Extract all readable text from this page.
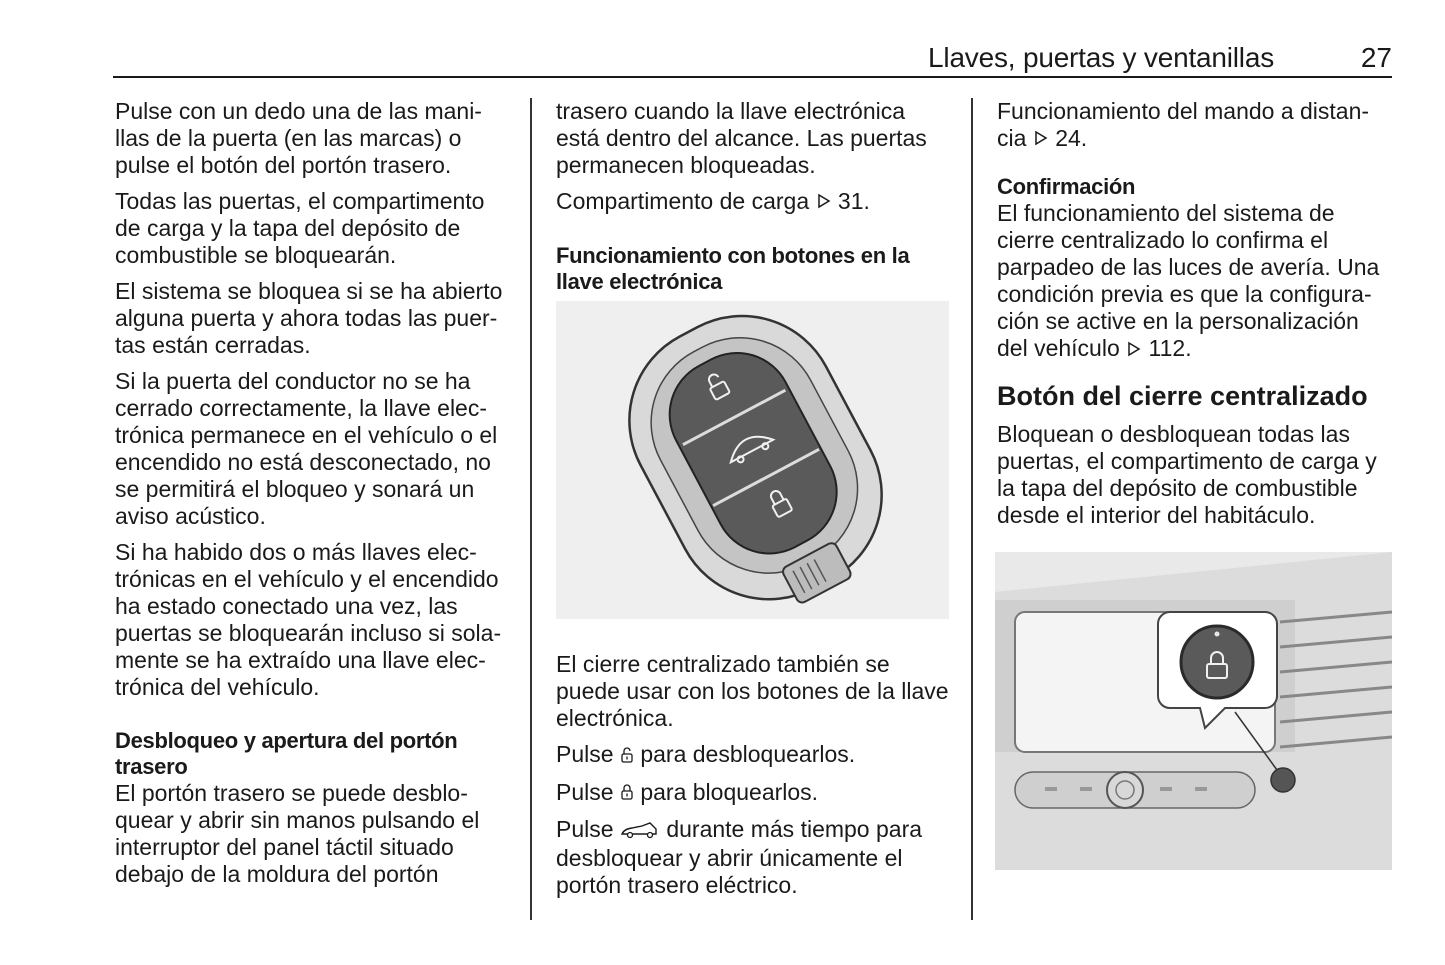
Llaves, puertas y ventanillas	27

Pulse con un dedo una de las mani- llas de la puerta (en las marcas) o pulse el botón del portón trasero.

Todas las puertas, el compartimento de carga y la tapa del depósito de combustible se bloquearán.

El sistema se bloquea si se ha abierto alguna puerta y ahora todas las puer- tas están cerradas.

Si la puerta del conductor no se ha cerrado correctamente, la llave elec- trónica permanece en el vehículo o el encendido no está desconectado, no se permitirá el bloqueo y sonará un aviso acústico.

Si ha habido dos o más llaves elec- trónicas en el vehículo y el encendido ha estado conectado una vez, las puertas se bloquearán incluso si sola- mente se ha extraído una llave elec- trónica del vehículo.

Desbloqueo y apertura del portón trasero

El portón trasero se puede desblo- quear y abrir sin manos pulsando el interruptor del panel táctil situado debajo de la moldura del portón

trasero cuando la llave electrónica está dentro del alcance. Las puertas permanecen bloqueadas.

Compartimento de carga 31.

Funcionamiento con botones en la llave electrónica

El cierre centralizado también se puede usar con los botones de la llave electrónica.

Pulse para desbloquearlos.

Pulse para bloquearlos.

Pulse durante más tiempo para desbloquear y abrir únicamente el portón trasero eléctrico.

Funcionamiento del mando a distan- cia 24.

Confirmación

El funcionamiento del sistema de cierre centralizado lo confirma el parpadeo de las luces de avería. Una condición previa es que la configura- ción se active en la personalización del vehículo 112.

Botón del cierre centralizado

Bloquean o desbloquean todas las puertas, el compartimento de carga y la tapa del depósito de combustible desde el interior del habitáculo.
